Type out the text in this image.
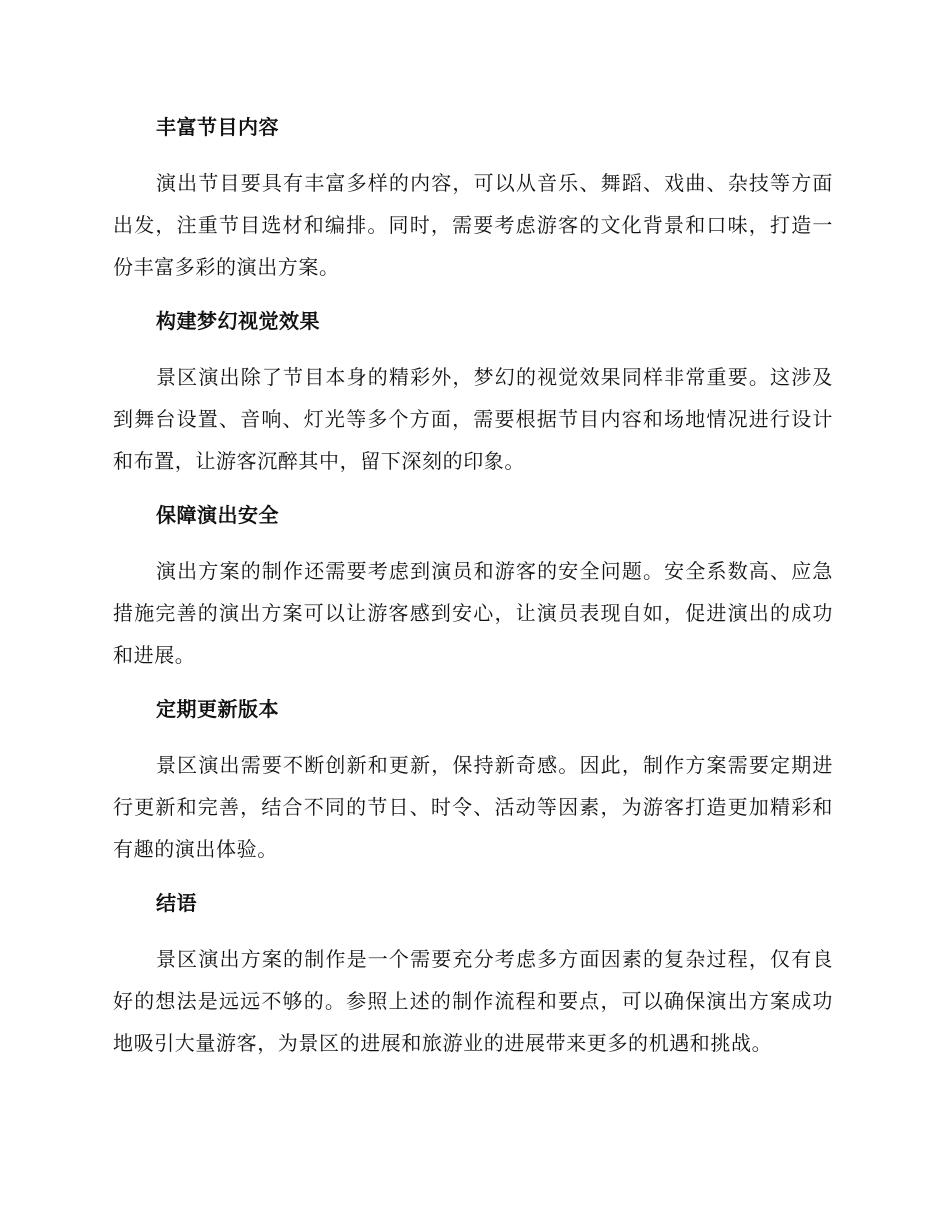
丰富节目内容

演出节目要具有丰富多样的内容，可以从音乐、舞蹈、戏曲、杂技等方面出发，注重节目选材和编排。同时，需要考虑游客的文化背景和口味，打造一份丰富多彩的演出方案。

构建梦幻视觉效果

景区演出除了节目本身的精彩外，梦幻的视觉效果同样非常重要。这涉及到舞台设置、音响、灯光等多个方面，需要根据节目内容和场地情况进行设计和布置，让游客沉醉其中，留下深刻的印象。

保障演出安全

演出方案的制作还需要考虑到演员和游客的安全问题。安全系数高、应急措施完善的演出方案可以让游客感到安心，让演员表现自如，促进演出的成功和进展。

定期更新版本

景区演出需要不断创新和更新，保持新奇感。因此，制作方案需要定期进行更新和完善，结合不同的节日、时令、活动等因素，为游客打造更加精彩和有趣的演出体验。

结语

景区演出方案的制作是一个需要充分考虑多方面因素的复杂过程，仅有良好的想法是远远不够的。参照上述的制作流程和要点，可以确保演出方案成功地吸引大量游客，为景区的进展和旅游业的进展带来更多的机遇和挑战。
